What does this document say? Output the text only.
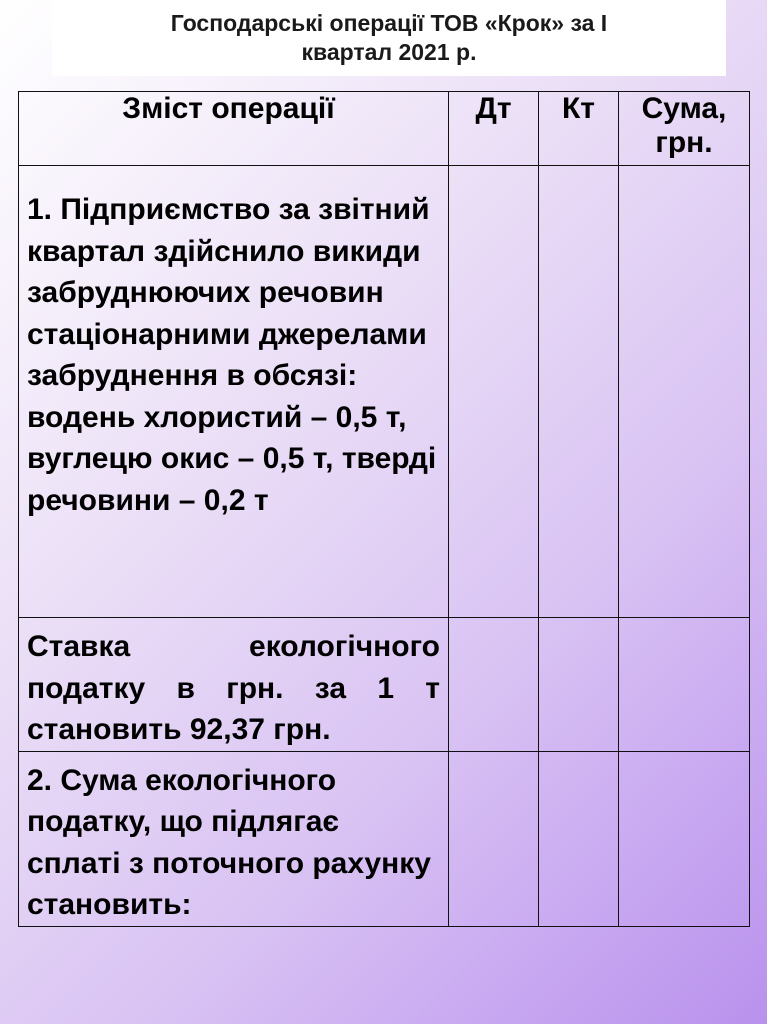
Господарські операції ТОВ «Крок» за I
квартал 2021 р.
Зміст операції	Дт	Кт	Сума, грн.

1. Підприємство за звітний квартал здійснило викиди забруднюючих речовин стаціонарними джерелами забруднення в обсязі: водень хлористий – 0,5 т, вуглецю окис – 0,5 т, тверді речовини – 0,2 т			

Ставка екологічного податку в грн. за 1 т становить 92,37 грн.			

2. Сума екологічного податку, що підлягає сплаті з поточного рахунку становить:			
